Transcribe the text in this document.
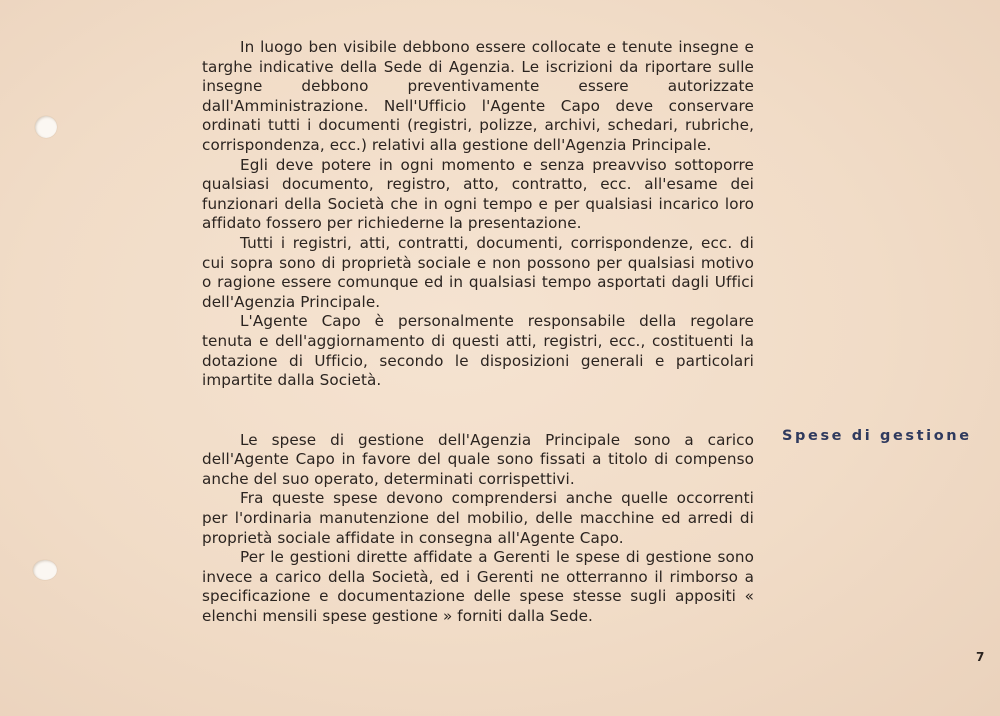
In luogo ben visibile debbono essere collocate e tenute insegne e targhe indicative della Sede di Agenzia. Le iscrizioni da riportare sulle insegne debbono preventivamente essere autorizzate dall'Amministrazione. Nell'Ufficio l'Agente Capo deve conservare ordinati tutti i documenti (registri, polizze, archivi, schedari, rubriche, corrispondenza, ecc.) relativi alla gestione dell'Agenzia Principale.

Egli deve potere in ogni momento e senza preavviso sottoporre qualsiasi documento, registro, atto, contratto, ecc. all'esame dei funzionari della Società che in ogni tempo e per qualsiasi incarico loro affidato fossero per richiederne la presentazione.

Tutti i registri, atti, contratti, documenti, corrispondenze, ecc. di cui sopra sono di proprietà sociale e non possono per qualsiasi motivo o ragione essere comunque ed in qualsiasi tempo asportati dagli Uffici dell'Agenzia Principale.

L'Agente Capo è personalmente responsabile della regolare tenuta e dell'aggiornamento di questi atti, registri, ecc., costituenti la dotazione di Ufficio, secondo le disposizioni generali e particolari impartite dalla Società.

Le spese di gestione dell'Agenzia Principale sono a carico dell'Agente Capo in favore del quale sono fissati a titolo di compenso anche del suo operato, determinati corrispettivi.

Fra queste spese devono comprendersi anche quelle occorrenti per l'ordinaria manutenzione del mobilio, delle macchine ed arredi di proprietà sociale affidate in consegna all'Agente Capo.

Per le gestioni dirette affidate a Gerenti le spese di gestione sono invece a carico della Società, ed i Gerenti ne otterranno il rimborso a specificazione e documentazione delle spese stesse sugli appositi « elenchi mensili spese gestione » forniti dalla Sede.

Spese di gestione
7
